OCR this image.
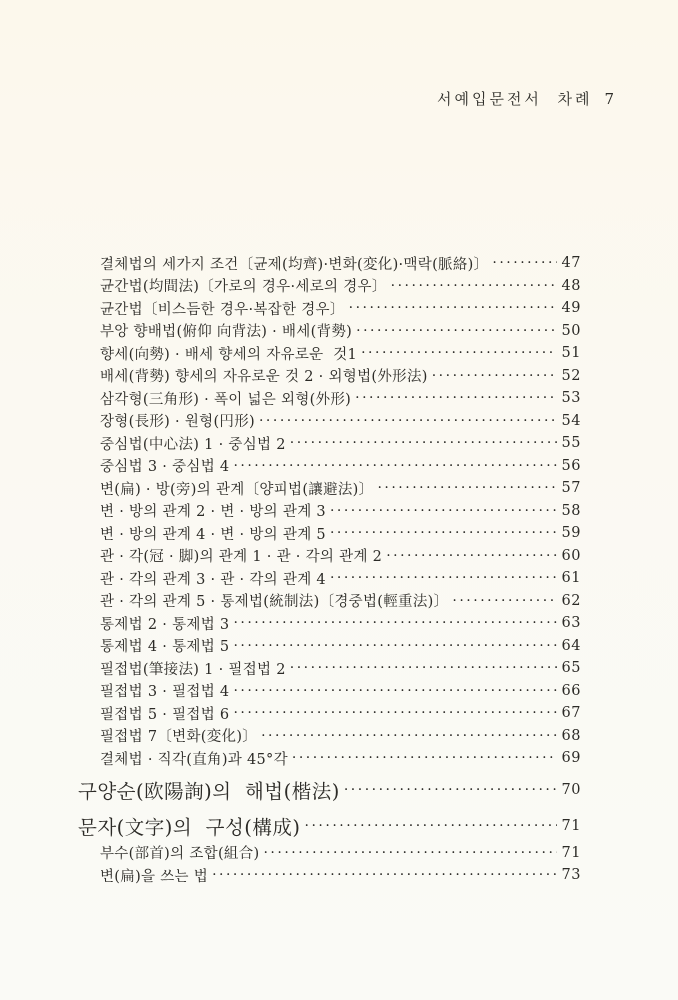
서예입문전서  차례 7

결체법의 세가지 조건〔균제(均齊)·변화(変化)·맥락(脈絡)〕 ·····	47
균간법(均間法)〔가로의 경우·세로의 경우〕 ·····	48
균간법〔비스듬한 경우·복잡한 경우〕 ·····	49
부앙 향배법(俯仰 向背法) · 배세(背勢) ·····	50
향세(向勢) · 배세 향세의 자유로운  것1 ·····	51
배세(背勢) 향세의 자유로운 것 2 · 외형법(外形法) ·····	52
삼각형(三角形) · 폭이 넓은 외형(外形) ·····	53
장형(長形) · 원형(円形) ·····	54
중심법(中心法) 1 · 중심법 2 ·····	55
중심법 3 · 중심법 4 ·····	56
변(扁) · 방(旁)의 관계〔양피법(讓避法)〕 ·····	57
변 · 방의 관계 2 · 변 · 방의 관계 3 ·····	58
변 · 방의 관계 4 · 변 · 방의 관계 5 ·····	59
관 · 각(冠 · 脚)의 관계 1 · 관 · 각의 관계 2 ·····	60
관 · 각의 관계 3 · 관 · 각의 관계 4 ·····	61
관 · 각의 관계 5 · 통제법(統制法)〔경중법(輕重法)〕 ·····	62
통제법 2 · 통제법 3 ·····	63
통제법 4 · 통제법 5 ·····	64
필접법(筆接法) 1 · 필접법 2 ·····	65
필접법 3 · 필접법 4 ·····	66
필접법 5 · 필접법 6 ·····	67
필접법 7〔변화(変化)〕 ·····	68
결체법 · 직각(直角)과 45°각 ·····	69
구양순(欧陽詢)의  해법(楷法) ·····	70
문자(文字)의  구성(構成) ·····	71
부수(部首)의 조합(組合) ·····	71
변(扁)을 쓰는 법 ·····	73
